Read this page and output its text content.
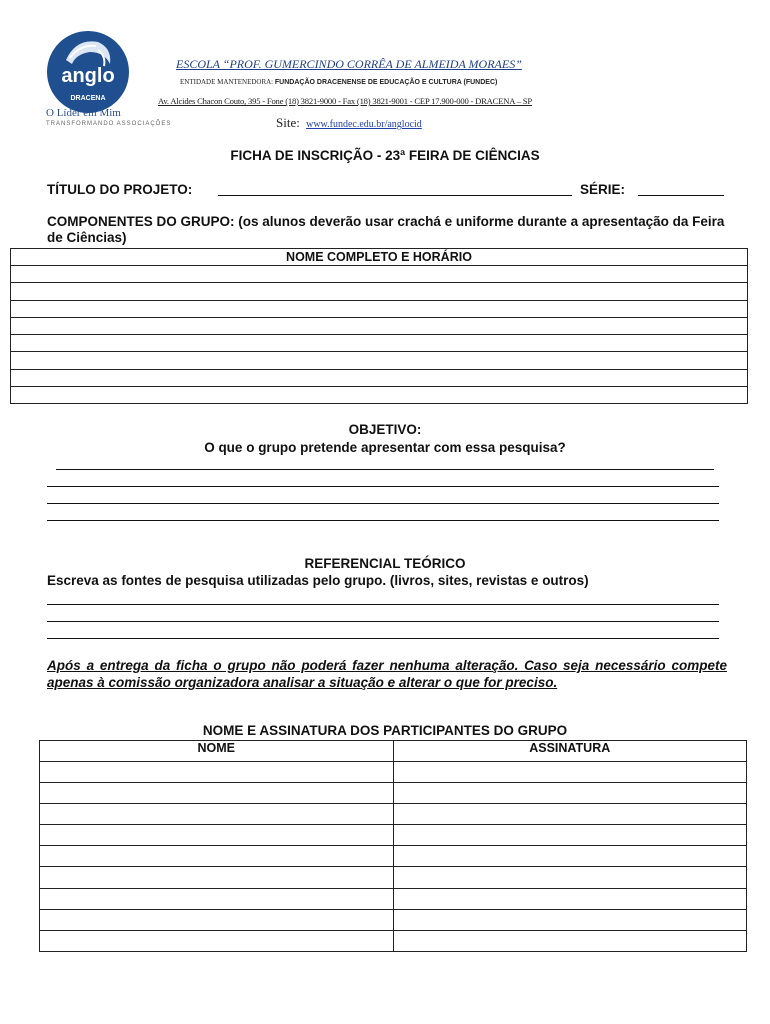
anglo
DRACENA
O Líder em Mim
TRANSFORMANDO ASSOCIAÇÕES
ESCOLA “PROF. GUMERCINDO CORRÊA DE ALMEIDA MORAES”
ENTIDADE MANTENEDORA: FUNDAÇÃO DRACENENSE DE EDUCAÇÃO E CULTURA (FUNDEC)
Av. Alcides Chacon Couto, 395 - Fone (18) 3821-9000 - Fax (18) 3821-9001 - CEP 17.900-000 - DRACENA – SP
Site: www.fundec.edu.br/anglocid
FICHA DE INSCRIÇÃO - 23ª FEIRA DE CIÊNCIAS
TÍTULO DO PROJETO:	SÉRIE:
COMPONENTES DO GRUPO: (os alunos deverão usar crachá e uniforme durante a apresentação da Feira de Ciências)
NOME COMPLETO E HORÁRIO

OBJETIVO:
O que o grupo pretende apresentar com essa pesquisa?
REFERENCIAL TEÓRICO
Escreva as fontes de pesquisa utilizadas pelo grupo. (livros, sites, revistas e outros)
Após a entrega da ficha o grupo não poderá fazer nenhuma alteração. Caso seja necessário compete apenas à comissão organizadora analisar a situação e alterar o que for preciso.
NOME E ASSINATURA DOS PARTICIPANTES DO GRUPO
NOME	ASSINATURA
